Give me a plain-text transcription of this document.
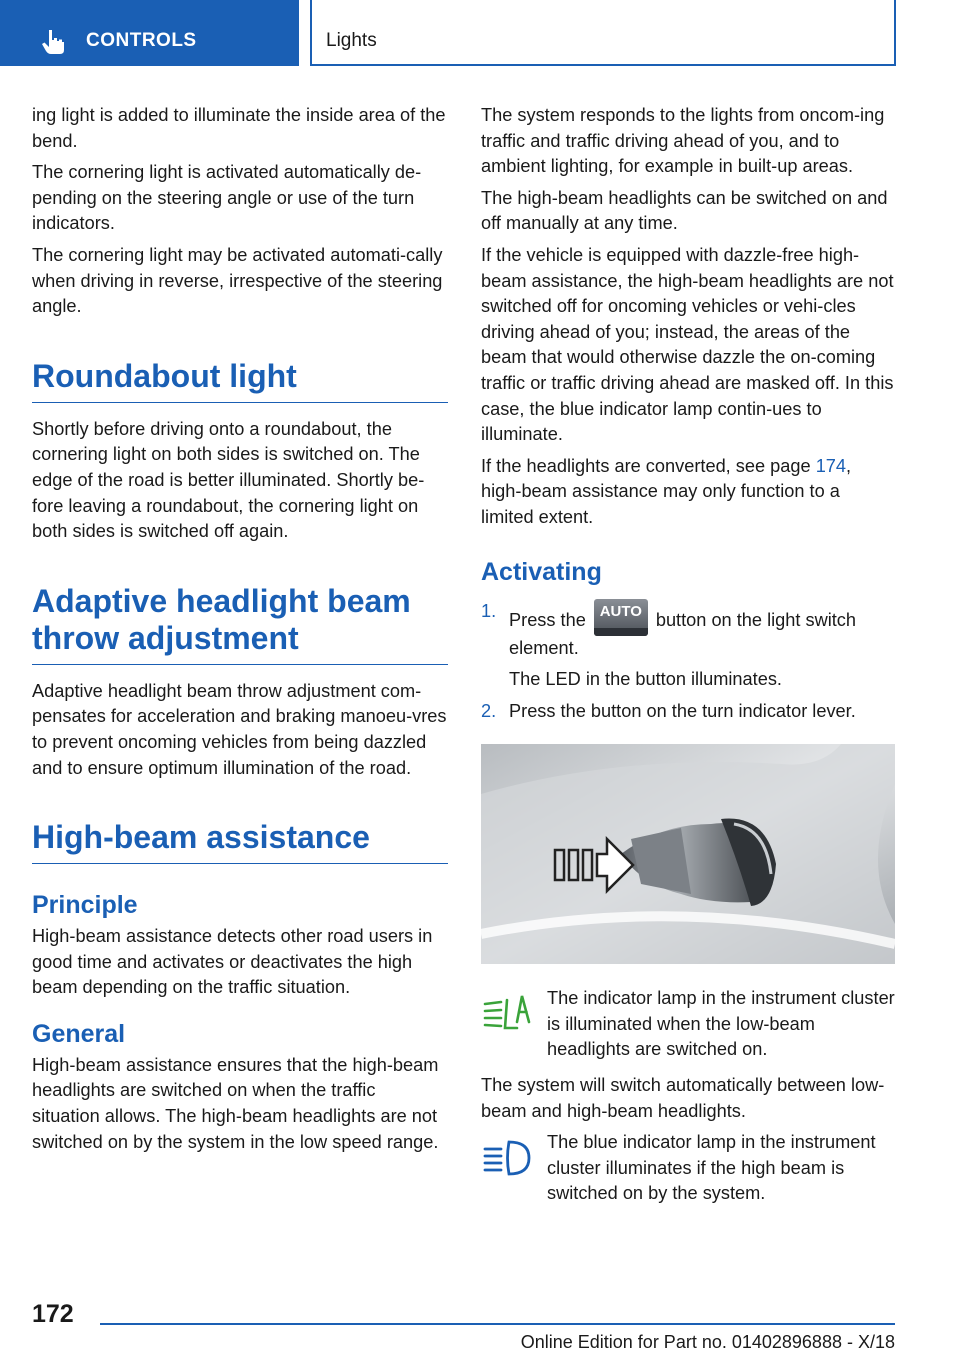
CONTROLS	Lights

ing light is added to illuminate the inside area of the bend.

The cornering light is activated automatically de‐pending on the steering angle or use of the turn indicators.

The cornering light may be activated automati‐cally when driving in reverse, irrespective of the steering angle.

Roundabout light

Shortly before driving onto a roundabout, the cornering light on both sides is switched on. The edge of the road is better illuminated. Shortly be‐fore leaving a roundabout, the cornering light on both sides is switched off again.

Adaptive headlight beam throw adjustment

Adaptive headlight beam throw adjustment com‐pensates for acceleration and braking manoeu‐vres to prevent oncoming vehicles from being dazzled and to ensure optimum illumination of the road.

High-beam assistance
Principle

High-beam assistance detects other road users in good time and activates or deactivates the high beam depending on the traffic situation.

General

High-beam assistance ensures that the high-beam headlights are switched on when the traffic situation allows. The high-beam headlights are not switched on by the system in the low speed range.

The system responds to the lights from oncom‐ing traffic and traffic driving ahead of you, and to ambient lighting, for example in built-up areas.

The high-beam headlights can be switched on and off manually at any time.

If the vehicle is equipped with dazzle-free high-beam assistance, the high-beam headlights are not switched off for oncoming vehicles or vehi‐cles driving ahead of you; instead, the areas of the beam that would otherwise dazzle the on‐coming traffic or traffic driving ahead are masked off. In this case, the blue indicator lamp contin‐ues to illuminate.

If the headlights are converted, see page 174, high-beam assistance may only function to a limited extent.

Activating
1. Press the AUTO button on the light switch element.
The LED in the button illuminates.
2. Press the button on the turn indicator lever.

The indicator lamp in the instrument cluster is illuminated when the low-beam headlights are switched on.

The system will switch automatically between low-beam and high-beam headlights.

The blue indicator lamp in the instrument cluster illuminates if the high beam is switched on by the system.

172
Online Edition for Part no. 01402896888 - X/18
